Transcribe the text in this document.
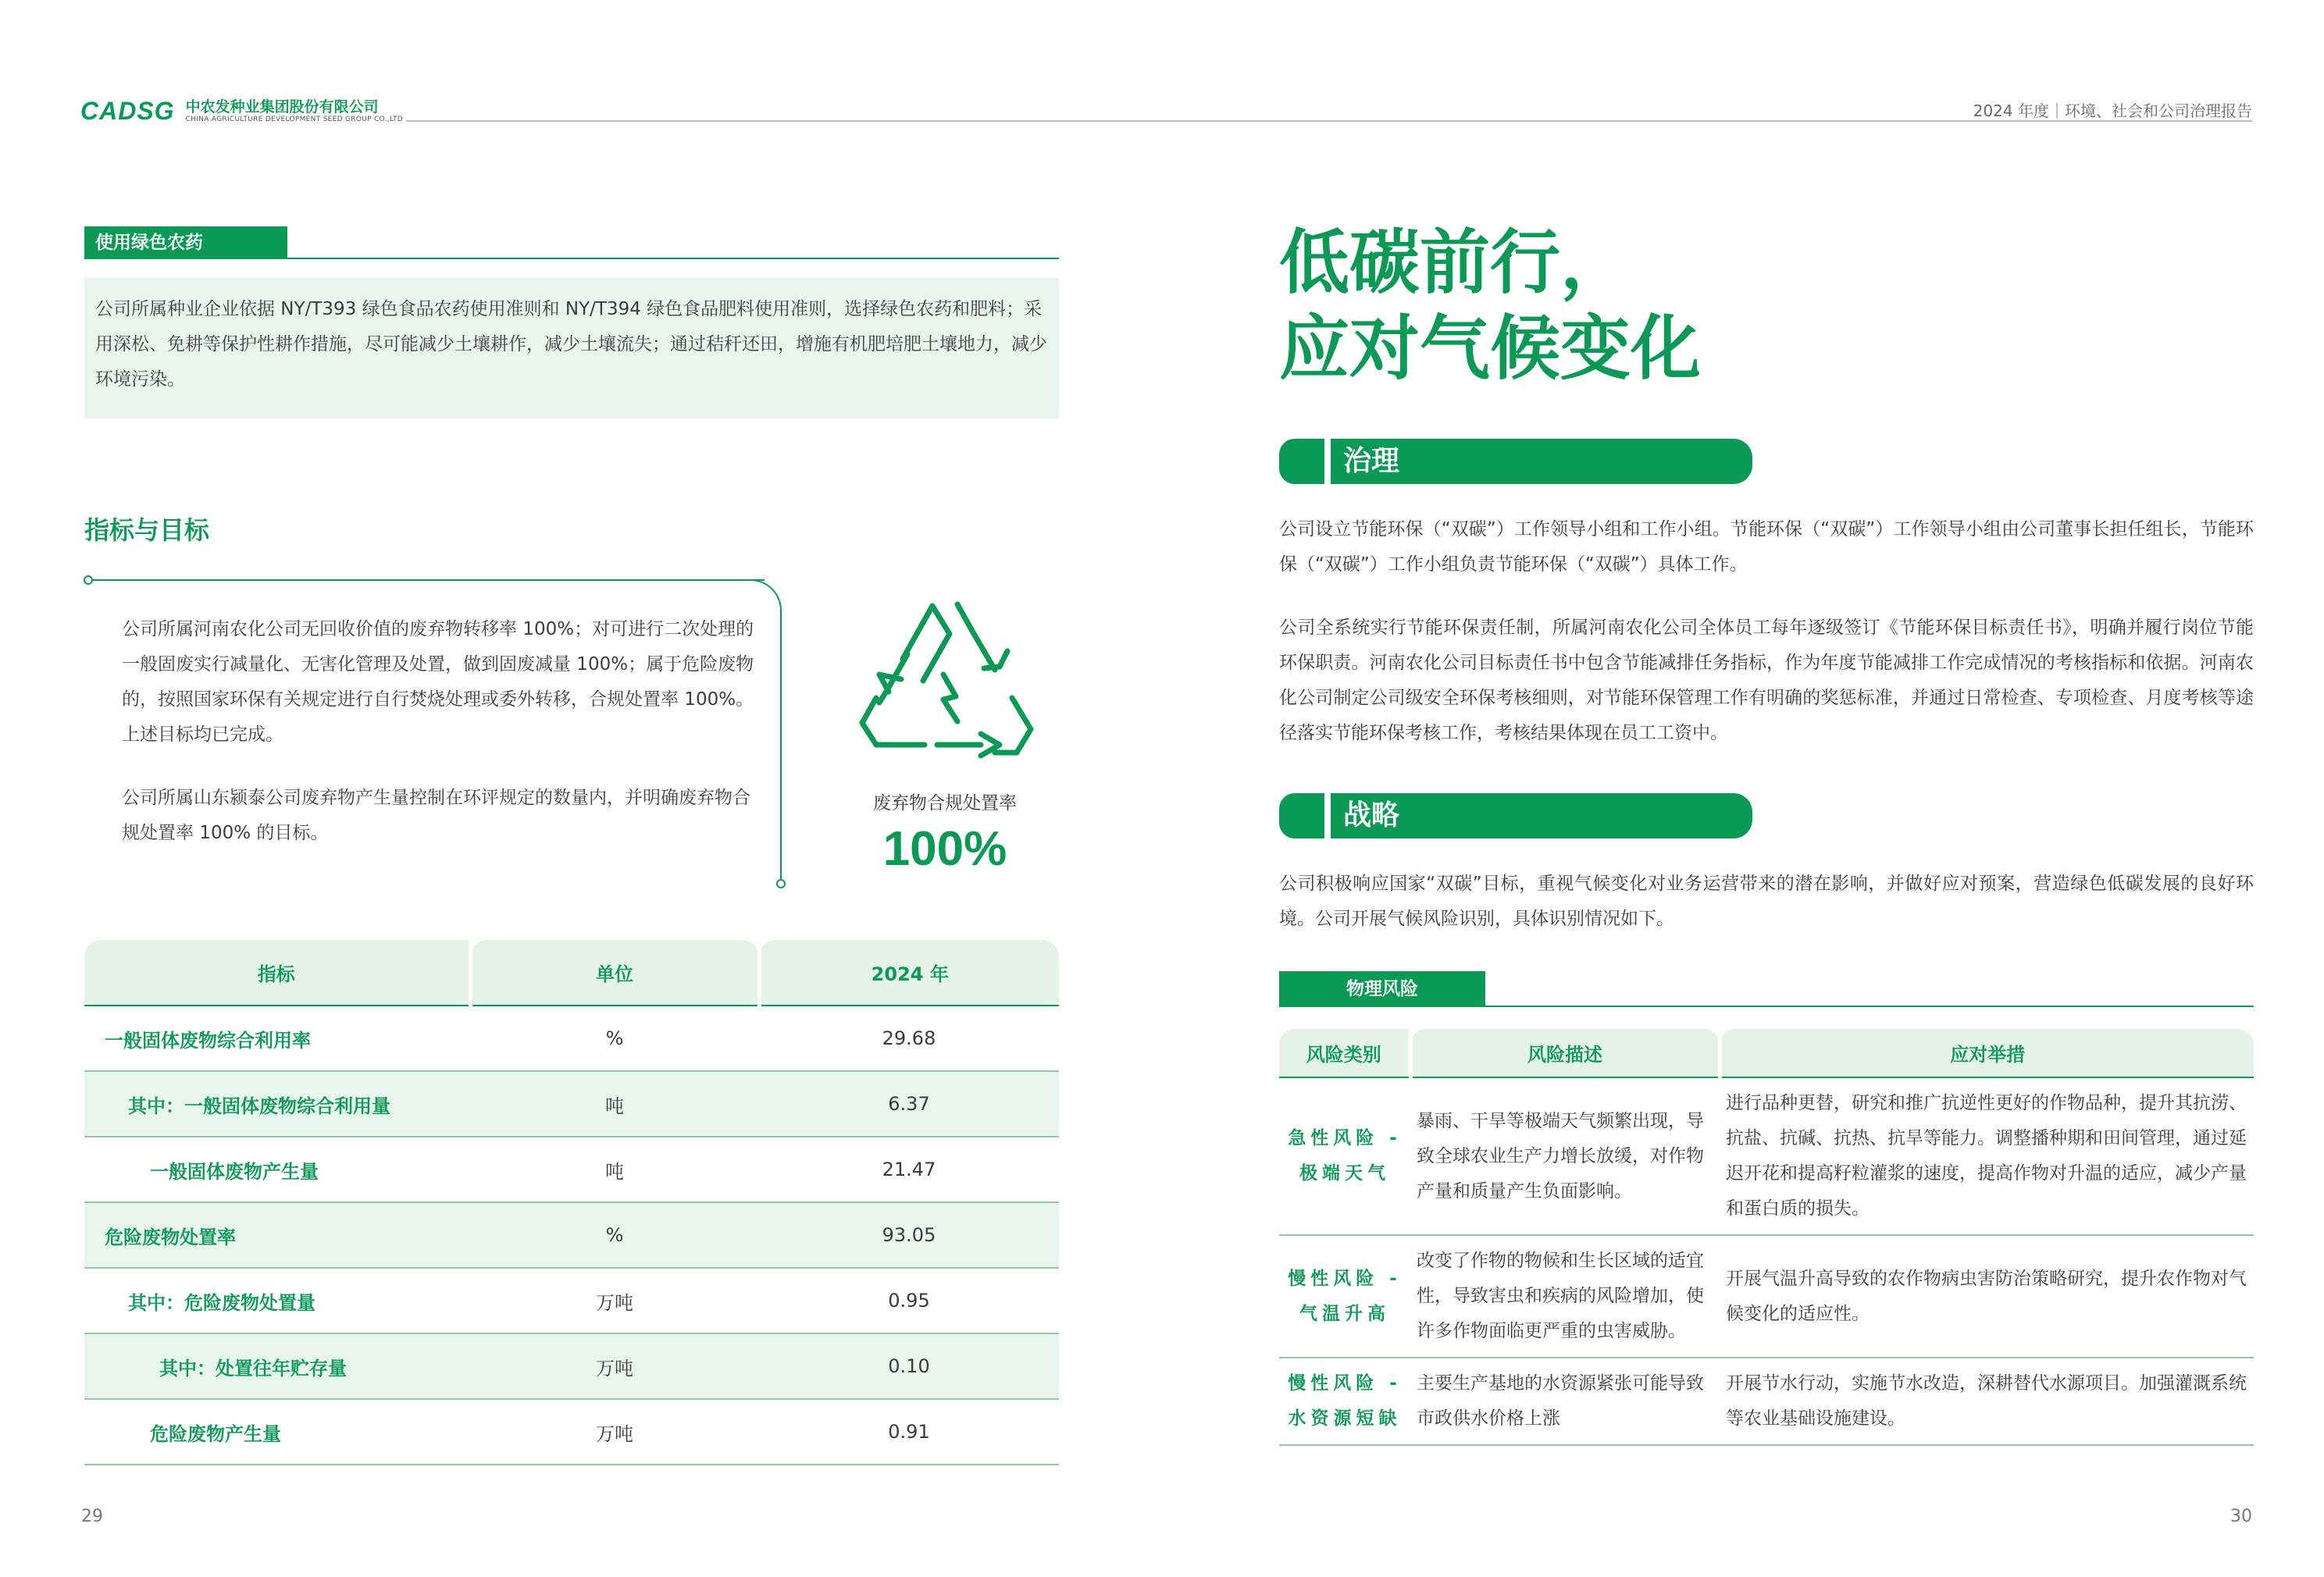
CADSG 中农发种业集团股份有限公司
CHINA AGRICULTURE DEVELOPMENT SEED GROUP CO.,LTD	2024 年度｜环境、社会和公司治理报告
使用绿色农药
公司所属种业企业依据 NY/T393 绿色食品农药使用准则和 NY/T394 绿色食品肥料使用准则，选择绿色农药和肥料；采用深松、免耕等保护性耕作措施，尽可能减少土壤耕作，减少土壤流失；通过秸秆还田，增施有机肥培肥土壤地力，减少环境污染。
指标与目标

公司所属河南农化公司无回收价值的废弃物转移率 100%；对可进行二次处理的一般固废实行减量化、无害化管理及处置，做到固废减量 100%；属于危险废物的，按照国家环保有关规定进行自行焚烧处理或委外转移，合规处置率 100%。上述目标均已完成。

公司所属山东颍泰公司废弃物产生量控制在环评规定的数量内，并明确废弃物合规处置率 100% 的目标。

废弃物合规处置率
100%
指标	单位	2024 年
一般固体废物综合利用率	%	29.68
其中：一般固体废物综合利用量	吨	6.37
一般固体废物产生量	吨	21.47
危险废物处置率	%	93.05
其中：危险废物处置量	万吨	0.95
其中：处置往年贮存量	万吨	0.10
危险废物产生量	万吨	0.91
29
低碳前行，
应对气候变化
治理

公司设立节能环保（“双碳”）工作领导小组和工作小组。节能环保（“双碳”）工作领导小组由公司董事长担任组长，节能环保（“双碳”）工作小组负责节能环保（“双碳”）具体工作。

公司全系统实行节能环保责任制，所属河南农化公司全体员工每年逐级签订《节能环保目标责任书》，明确并履行岗位节能环保职责。河南农化公司目标责任书中包含节能减排任务指标，作为年度节能减排工作完成情况的考核指标和依据。河南农化公司制定公司级安全环保考核细则，对节能环保管理工作有明确的奖惩标准，并通过日常检查、专项检查、月度考核等途径落实节能环保考核工作，考核结果体现在员工工资中。

战略

公司积极响应国家“双碳”目标，重视气候变化对业务运营带来的潜在影响，并做好应对预案，营造绿色低碳发展的良好环境。公司开展气候风险识别，具体识别情况如下。

物理风险
风险类别	风险描述	应对举措

急性风险 -
极端天气	暴雨、干旱等极端天气频繁出现，导致全球农业生产力增长放缓，对作物产量和质量产生负面影响。	进行品种更替，研究和推广抗逆性更好的作物品种，提升其抗涝、抗盐、抗碱、抗热、抗旱等能力。调整播种期和田间管理，通过延迟开花和提高籽粒灌浆的速度，提高作物对升温的适应，减少产量和蛋白质的损失。

慢性风险 -
气温升高	改变了作物的物候和生长区域的适宜性，导致害虫和疾病的风险增加，使许多作物面临更严重的虫害威胁。	开展气温升高导致的农作物病虫害防治策略研究，提升农作物对气候变化的适应性。

慢性风险 -
水资源短缺	主要生产基地的水资源紧张可能导致市政供水价格上涨	开展节水行动，实施节水改造，深耕替代水源项目。加强灌溉系统等农业基础设施建设。
30
